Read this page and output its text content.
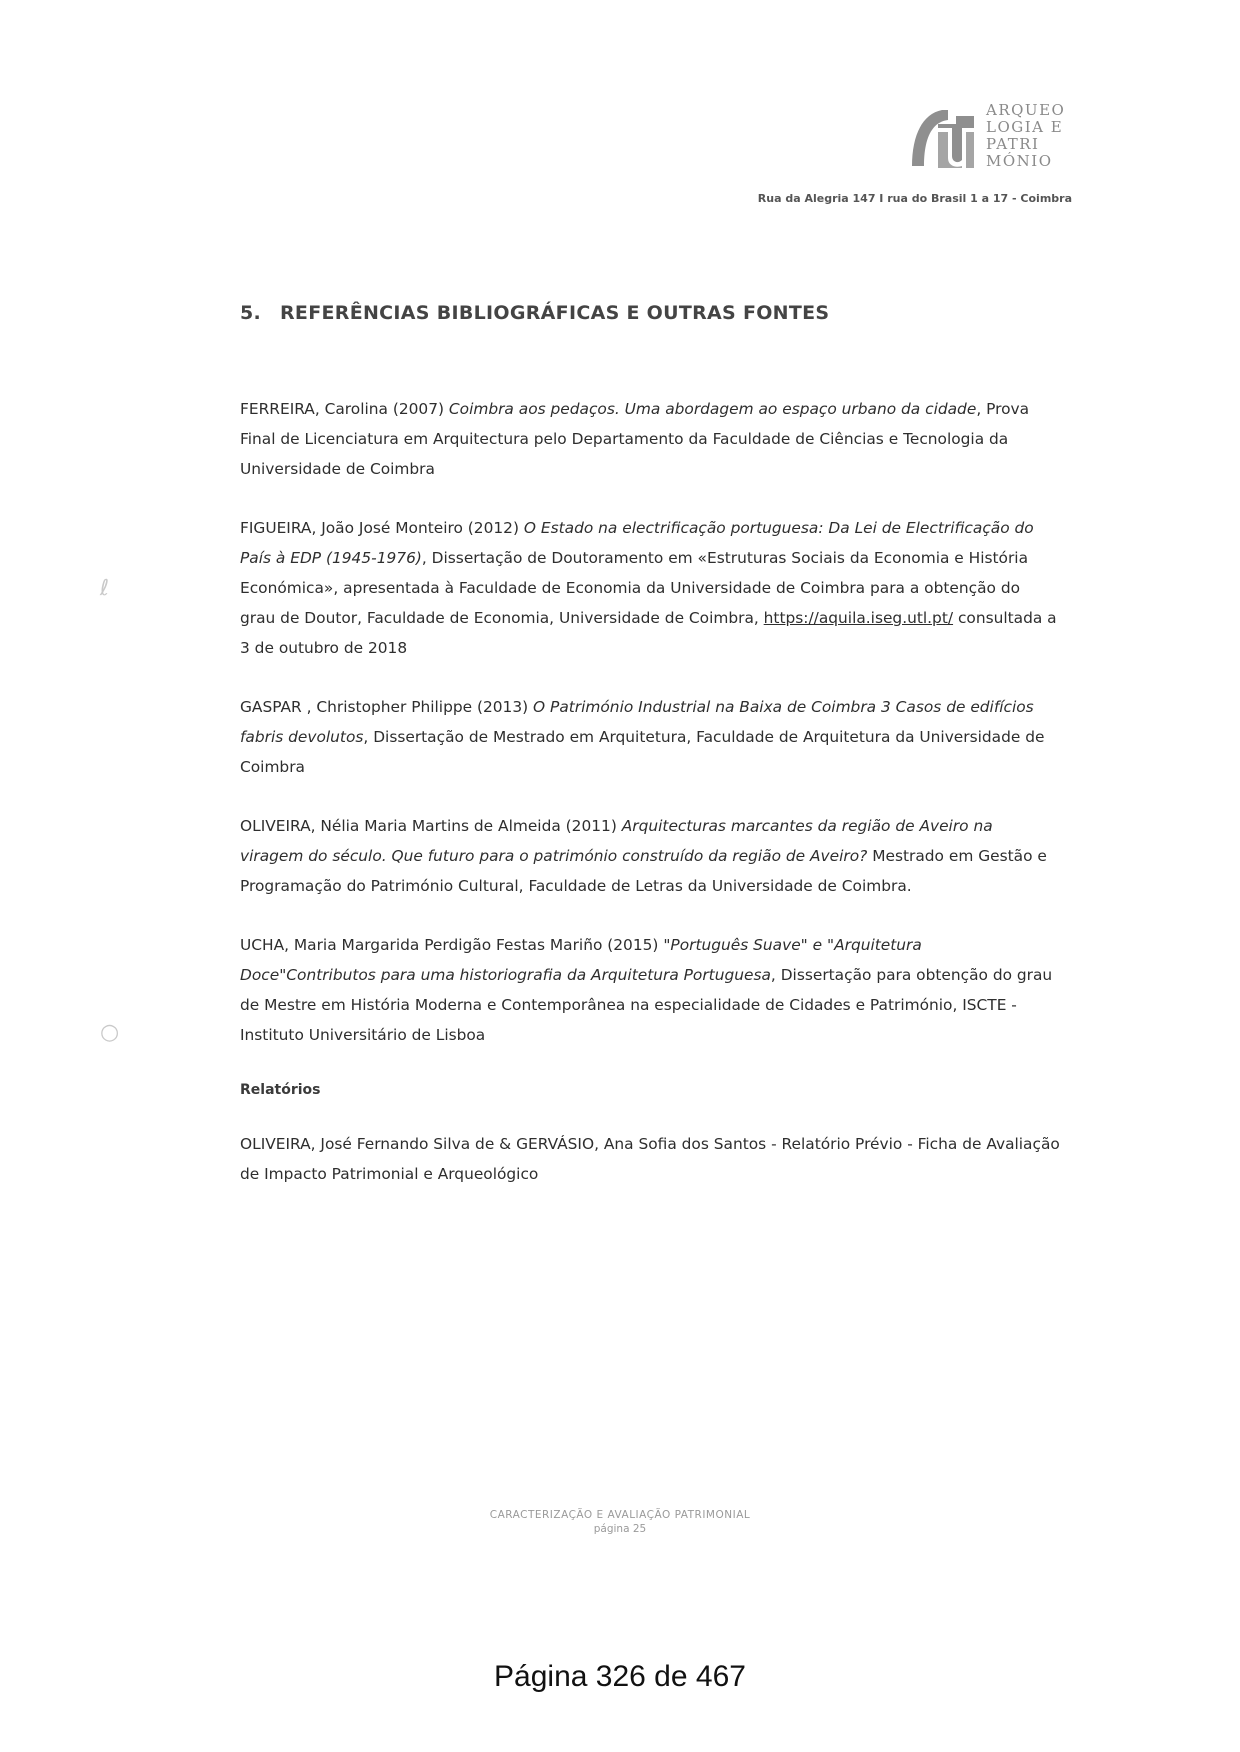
ARQUEO
LOGIA E
PATRI
MÓNIO
Rua da Alegria 147 I rua do Brasil 1 a 17 - Coimbra
ℓ
○
5. REFERÊNCIAS BIBLIOGRÁFICAS E OUTRAS FONTES

FERREIRA, Carolina (2007) Coimbra aos pedaços. Uma abordagem ao espaço urbano da cidade, Prova Final de Licenciatura em Arquitectura pelo Departamento da Faculdade de Ciências e Tecnologia da Universidade de Coimbra

FIGUEIRA, João José Monteiro (2012) O Estado na electrificação portuguesa: Da Lei de Electrificação do País à EDP (1945-1976), Dissertação de Doutoramento em «Estruturas Sociais da Economia e História Económica», apresentada à Faculdade de Economia da Universidade de Coimbra para a obtenção do grau de Doutor, Faculdade de Economia, Universidade de Coimbra, https://aquila.iseg.utl.pt/ consultada a 3 de outubro de 2018

GASPAR , Christopher Philippe (2013) O Património Industrial na Baixa de Coimbra 3 Casos de edifícios fabris devolutos, Dissertação de Mestrado em Arquitetura, Faculdade de Arquitetura da Universidade de Coimbra

OLIVEIRA, Nélia Maria Martins de Almeida (2011) Arquitecturas marcantes da região de Aveiro na viragem do século. Que futuro para o património construído da região de Aveiro? Mestrado em Gestão e Programação do Património Cultural, Faculdade de Letras da Universidade de Coimbra.

UCHA, Maria Margarida Perdigão Festas Mariño (2015) "Português Suave" e "Arquitetura Doce"Contributos para uma historiografia da Arquitetura Portuguesa, Dissertação para obtenção do grau de Mestre em História Moderna e Contemporânea na especialidade de Cidades e Património, ISCTE - Instituto Universitário de Lisboa

Relatórios

OLIVEIRA, José Fernando Silva de & GERVÁSIO, Ana Sofia dos Santos - Relatório Prévio - Ficha de Avaliação de Impacto Patrimonial e Arqueológico

CARACTERIZAÇÃO E AVALIAÇÃO PATRIMONIAL
página 25
Página 326 de 467
